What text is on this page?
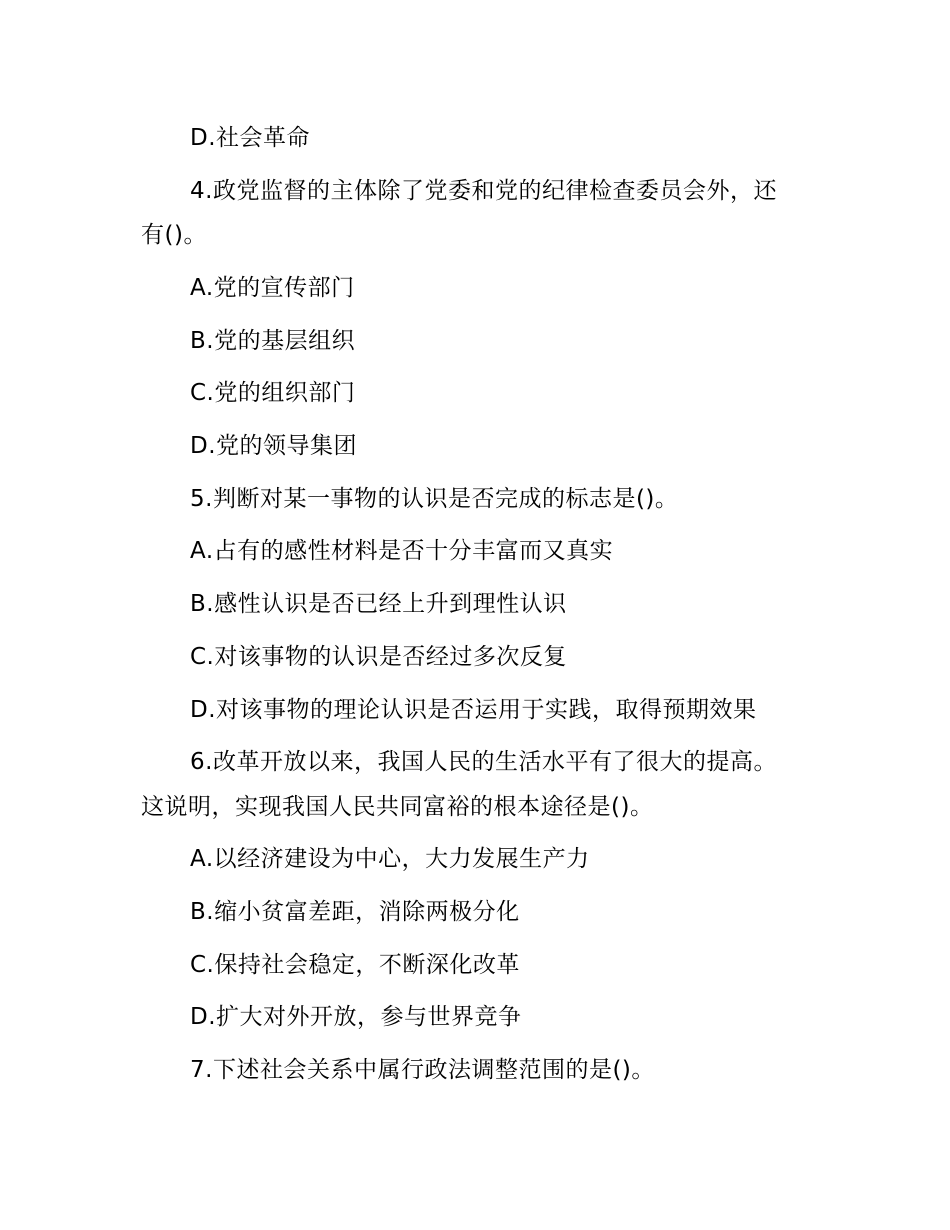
D.社会革命
4.政党监督的主体除了党委和党的纪律检查委员会外，还
有()。
A.党的宣传部门
B.党的基层组织
C.党的组织部门
D.党的领导集团
5.判断对某一事物的认识是否完成的标志是()。
A.占有的感性材料是否十分丰富而又真实
B.感性认识是否已经上升到理性认识
C.对该事物的认识是否经过多次反复
D.对该事物的理论认识是否运用于实践，取得预期效果
6.改革开放以来，我国人民的生活水平有了很大的提高。
这说明，实现我国人民共同富裕的根本途径是()。
A.以经济建设为中心，大力发展生产力
B.缩小贫富差距，消除两极分化
C.保持社会稳定，不断深化改革
D.扩大对外开放，参与世界竞争
7.下述社会关系中属行政法调整范围的是()。
